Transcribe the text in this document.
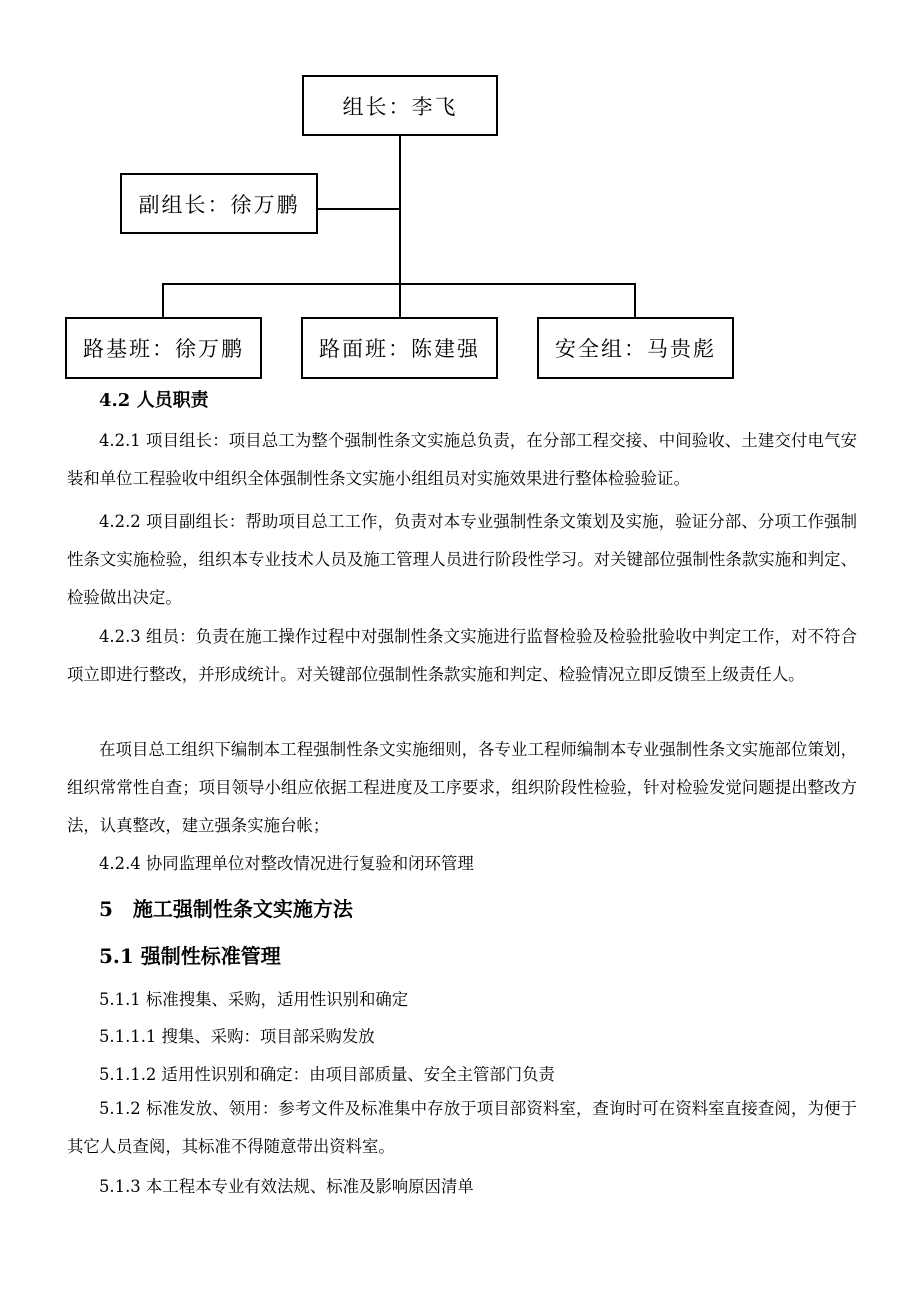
组长：李飞
副组长：徐万鹏
路基班：徐万鹏	路面班：陈建强	安全组：马贵彪

4.2 人员职责

4.2.1 项目组长：项目总工为整个强制性条文实施总负责，在分部工程交接、中间验收、土建交付电气安装和单位工程验收中组织全体强制性条文实施小组组员对实施效果进行整体检验验证。

4.2.2 项目副组长：帮助项目总工工作，负责对本专业强制性条文策划及实施，验证分部、分项工作强制性条文实施检验，组织本专业技术人员及施工管理人员进行阶段性学习。对关键部位强制性条款实施和判定、检验做出决定。

4.2.3 组员：负责在施工操作过程中对强制性条文实施进行监督检验及检验批验收中判定工作，对不符合项立即进行整改，并形成统计。对关键部位强制性条款实施和判定、检验情况立即反馈至上级责任人。

在项目总工组织下编制本工程强制性条文实施细则，各专业工程师编制本专业强制性条文实施部位策划，组织常常性自查；项目领导小组应依据工程进度及工序要求，组织阶段性检验，针对检验发觉问题提出整改方法，认真整改，建立强条实施台帐；

4.2.4 协同监理单位对整改情况进行复验和闭环管理

5　施工强制性条文实施方法

5.1 强制性标准管理

5.1.1 标准搜集、采购，适用性识别和确定

5.1.1.1 搜集、采购：项目部采购发放

5.1.1.2 适用性识别和确定：由项目部质量、安全主管部门负责

5.1.2 标准发放、领用：参考文件及标准集中存放于项目部资料室，查询时可在资料室直接查阅，为便于其它人员查阅，其标准不得随意带出资料室。

5.1.3 本工程本专业有效法规、标准及影响原因清单
